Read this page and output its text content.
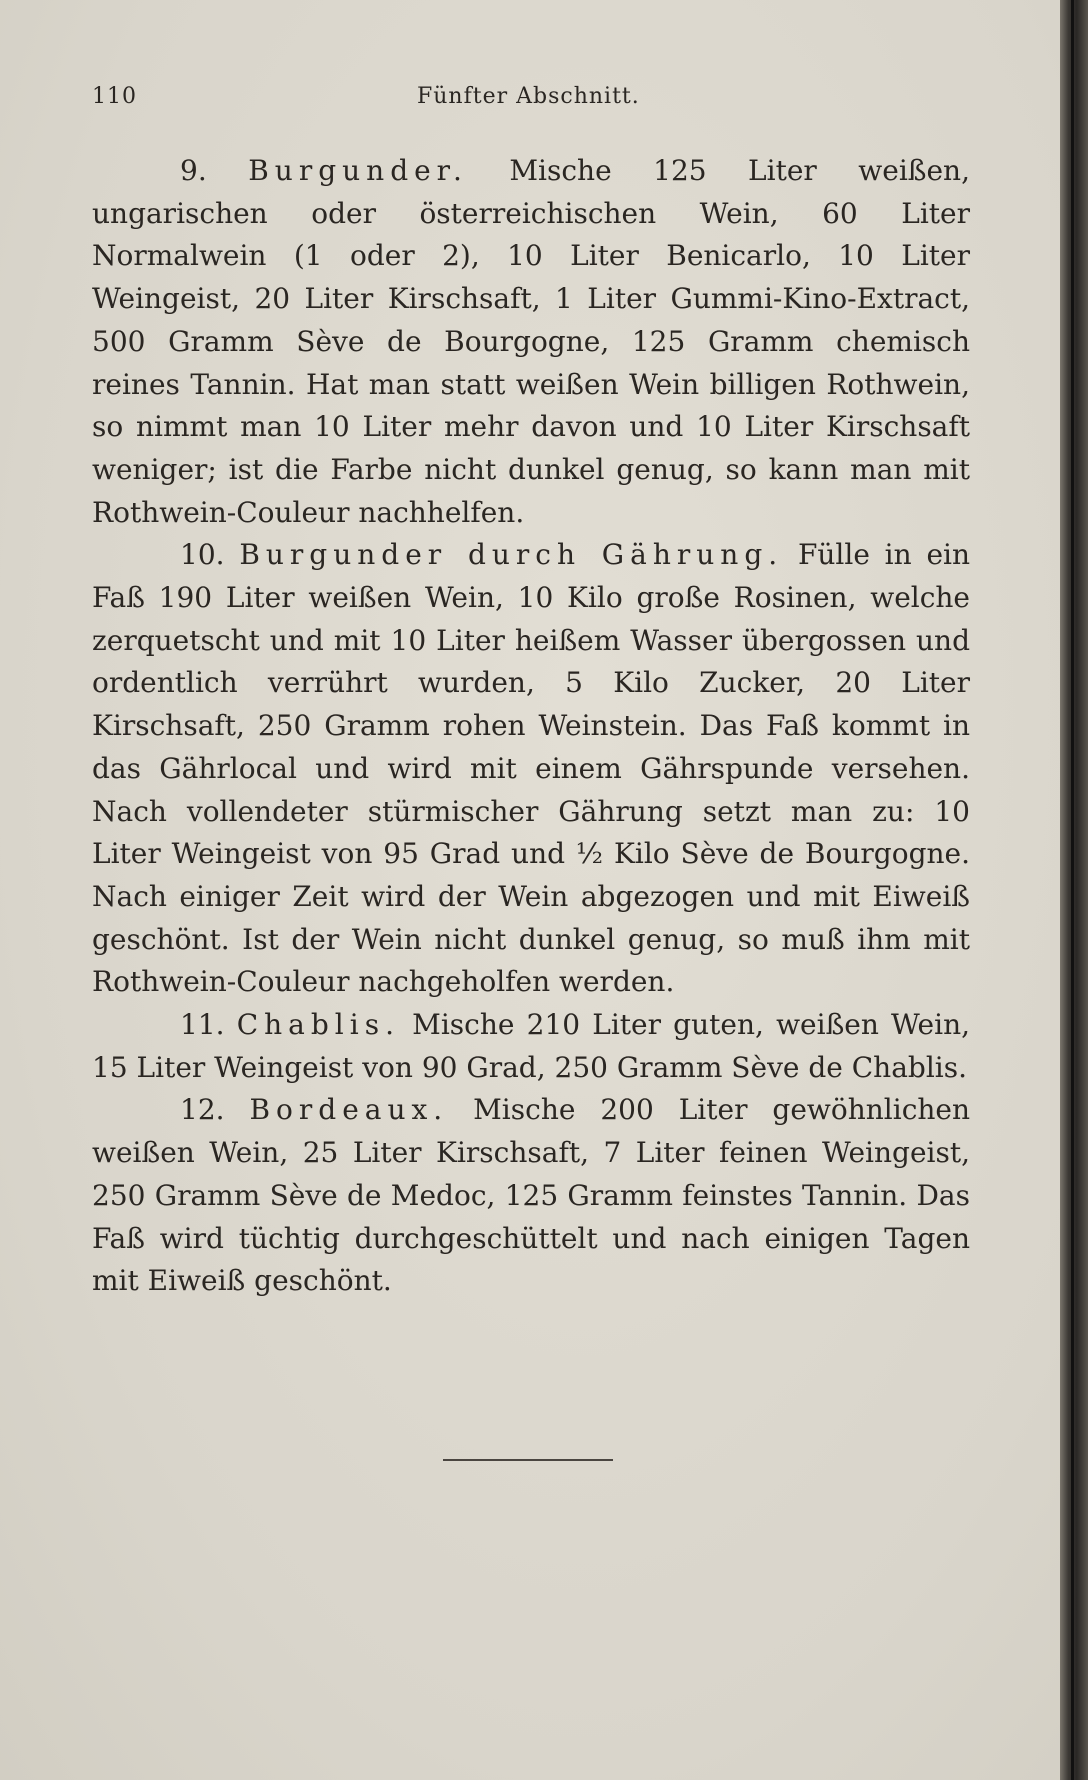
110	Fünfter Abschnitt.

9. Burgunder. Mische 125 Liter weißen, ungarischen oder österreichischen Wein, 60 Liter Normalwein (1 oder 2), 10 Liter Benicarlo, 10 Liter Weingeist, 20 Liter Kirschsaft, 1 Liter Gummi-Kino-Extract, 500 Gramm Sève de Bourgogne, 125 Gramm chemisch reines Tannin. Hat man statt weißen Wein billigen Rothwein, so nimmt man 10 Liter mehr davon und 10 Liter Kirschsaft weniger; ist die Farbe nicht dunkel genug, so kann man mit Rothwein-Couleur nachhelfen.

10. Burgunder durch Gährung. Fülle in ein Faß 190 Liter weißen Wein, 10 Kilo große Rosinen, welche zerquetscht und mit 10 Liter heißem Wasser übergossen und ordentlich verrührt wurden, 5 Kilo Zucker, 20 Liter Kirschsaft, 250 Gramm rohen Weinstein. Das Faß kommt in das Gährlocal und wird mit einem Gährspunde versehen. Nach vollendeter stürmischer Gährung setzt man zu: 10 Liter Weingeist von 95 Grad und ½ Kilo Sève de Bourgogne. Nach einiger Zeit wird der Wein abgezogen und mit Eiweiß geschönt. Ist der Wein nicht dunkel genug, so muß ihm mit Rothwein-Couleur nachgeholfen werden.

11. Chablis. Mische 210 Liter guten, weißen Wein, 15 Liter Weingeist von 90 Grad, 250 Gramm Sève de Chablis.

12. Bordeaux. Mische 200 Liter gewöhnlichen weißen Wein, 25 Liter Kirschsaft, 7 Liter feinen Weingeist, 250 Gramm Sève de Medoc, 125 Gramm feinstes Tannin. Das Faß wird tüchtig durchgeschüttelt und nach einigen Tagen mit Eiweiß geschönt.
